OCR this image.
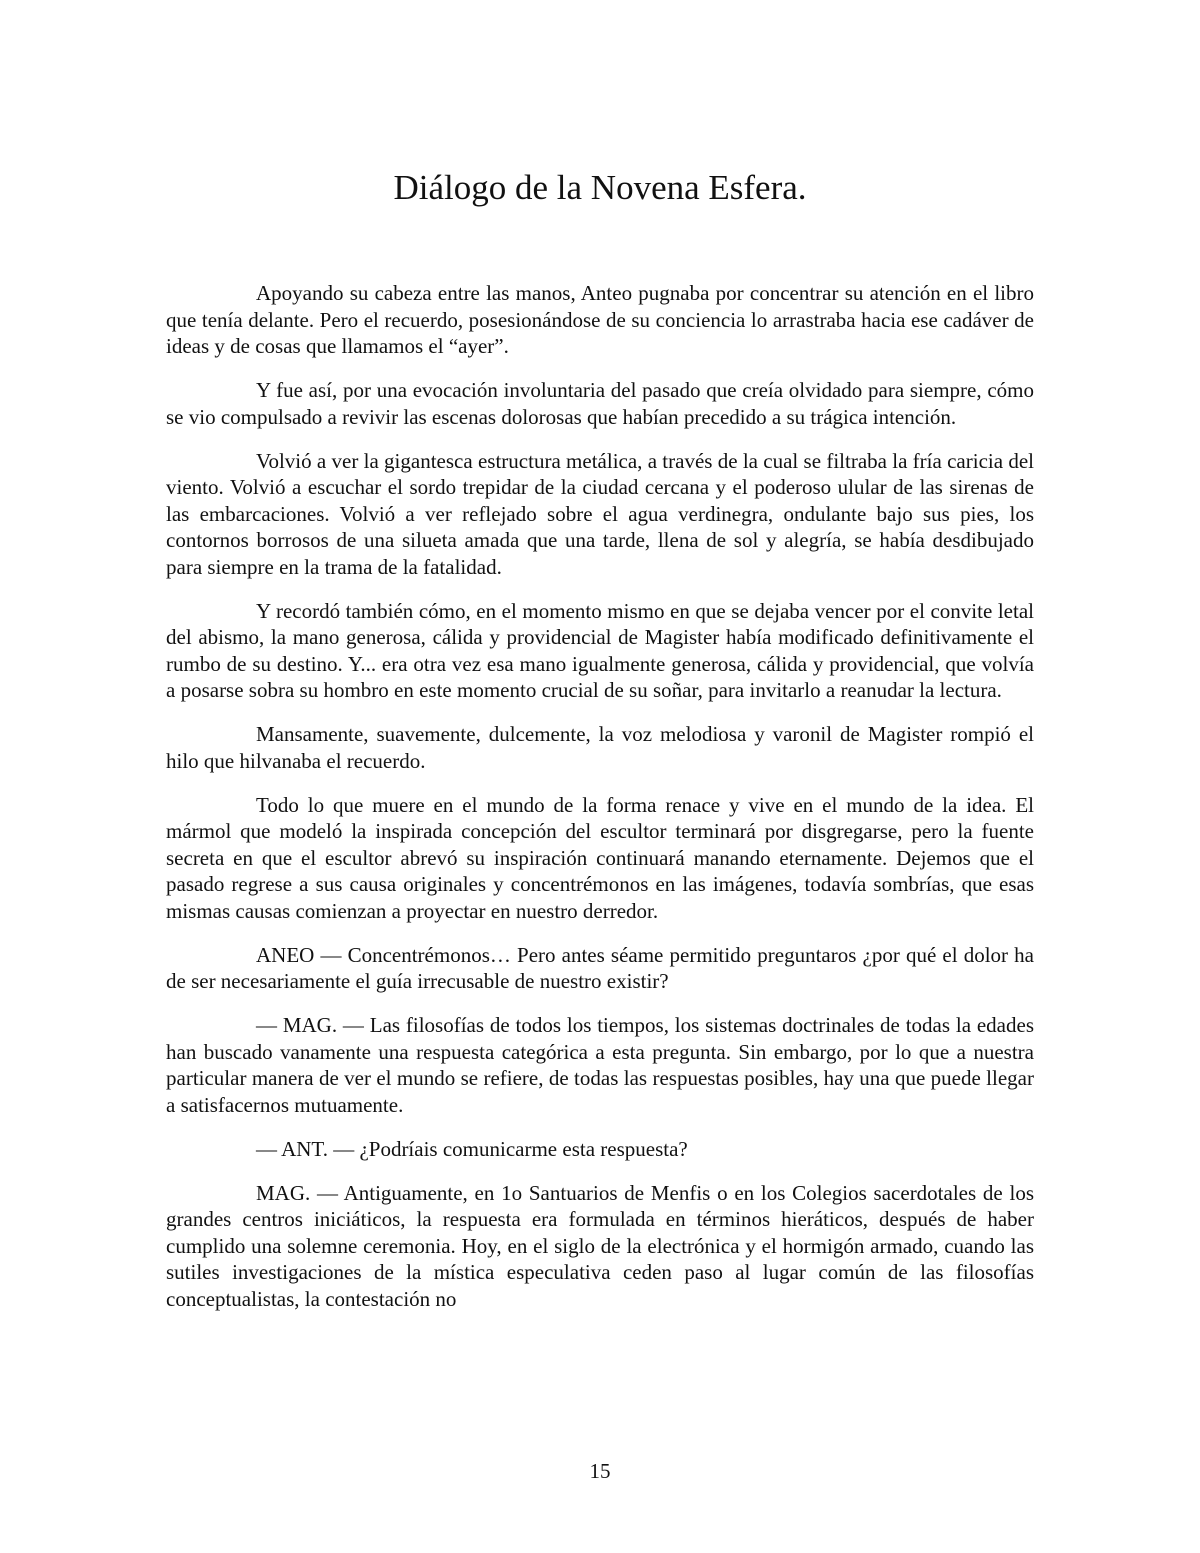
Diálogo de la Novena Esfera.

Apoyando su cabeza entre las manos, Anteo pugnaba por concentrar su atención en el libro que tenía delante. Pero el recuerdo, posesionándose de su conciencia lo arrastraba hacia ese cadáver de ideas y de cosas que llamamos el “ayer”.

Y fue así, por una evocación involuntaria del pasado que creía olvidado para siempre, cómo se vio compulsado a revivir las escenas dolorosas que habían precedido a su trágica intención.

Volvió a ver la gigantesca estructura metálica, a través de la cual se filtraba la fría caricia del viento. Volvió a escuchar el sordo trepidar de la ciudad cercana y el poderoso ulular de las sirenas de las embarcaciones. Volvió a ver reflejado sobre el agua verdinegra, ondulante bajo sus pies, los contornos borrosos de una silueta amada que una tarde, llena de sol y alegría, se había desdibujado para siempre en la trama de la fatalidad.

Y recordó también cómo, en el momento mismo en que se dejaba vencer por el convite letal del abismo, la mano generosa, cálida y providencial de Magister había modificado definitivamente el rumbo de su destino. Y... era otra vez esa mano igualmente generosa, cálida y providencial, que volvía a posarse sobra su hombro en este momento crucial de su soñar, para invitarlo a reanudar la lectura.

Mansamente, suavemente, dulcemente, la voz melodiosa y varonil de Magister rompió el hilo que hilvanaba el recuerdo.

Todo lo que muere en el mundo de la forma renace y vive en el mundo de la idea. El mármol que modeló la inspirada concepción del escultor terminará por disgregarse, pero la fuente secreta en que el escultor abrevó su inspiración continuará manando eternamente. Dejemos que el pasado regrese a sus causa originales y concentrémonos en las imágenes, todavía sombrías, que esas mismas causas comienzan a proyectar en nuestro derredor.

ANEO — Concentrémonos… Pero antes séame permitido preguntaros ¿por qué el dolor ha de ser necesariamente el guía irrecusable de nuestro existir?

— MAG. — Las filosofías de todos los tiempos, los sistemas doctrinales de todas la edades han buscado vanamente una respuesta categórica a esta pregunta. Sin embargo, por lo que a nuestra particular manera de ver el mundo se refiere, de todas las respuestas posibles, hay una que puede llegar a satisfacernos mutuamente.

— ANT. — ¿Podríais comunicarme esta respuesta?

MAG. — Antiguamente, en 1o Santuarios de Menfis o en los Colegios sacerdotales de los grandes centros iniciáticos, la respuesta era formulada en términos hieráticos, después de haber cumplido una solemne ceremonia. Hoy, en el siglo de la electrónica y el hormigón armado, cuando las sutiles investigaciones de la mística especulativa ceden paso al lugar común de las filosofías conceptualistas, la contestación no

15
